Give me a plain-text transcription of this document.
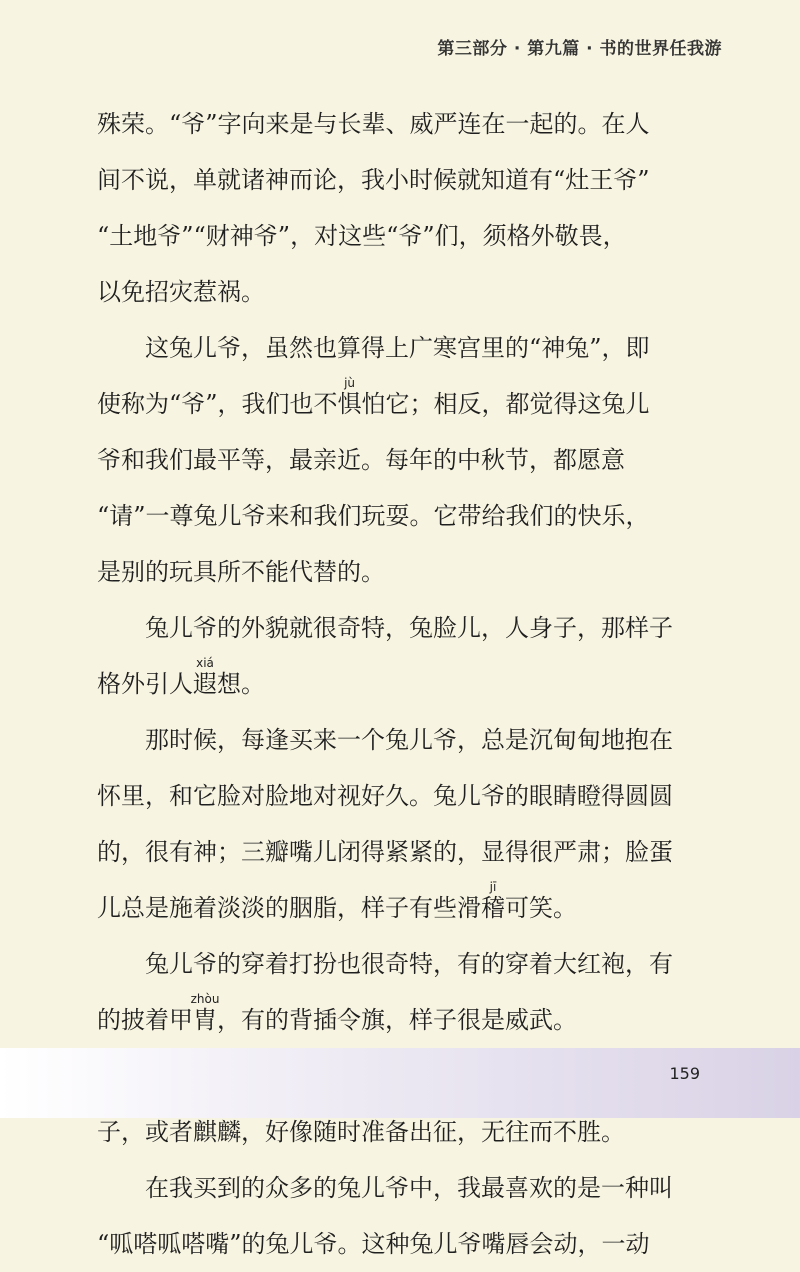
第三部分 · 第九篇 · 书的世界任我游

殊荣。“爷”字向来是与长辈、威严连在一起的。在人
间不说，单就诸神而论，我小时候就知道有“灶王爷”
“土地爷”“财神爷”，对这些“爷”们，须格外敬畏，
以免招灾惹祸。

这兔儿爷，虽然也算得上广寒宫里的“神兔”，即
使称为“爷”，我们也不惧jù怕它；相反，都觉得这兔儿
爷和我们最平等，最亲近。每年的中秋节，都愿意
“请”一尊兔儿爷来和我们玩耍。它带给我们的快乐，
是别的玩具所不能代替的。

兔儿爷的外貌就很奇特，兔脸儿，人身子，那样子
格外引人遐xiá想。

那时候，每逢买来一个兔儿爷，总是沉甸甸地抱在
怀里，和它脸对脸地对视好久。兔儿爷的眼睛瞪得圆圆
的，很有神；三瓣嘴儿闭得紧紧的，显得很严肃；脸蛋
儿总是施着淡淡的胭脂，样子有些滑稽jī可笑。

兔儿爷的穿着打扮也很奇特，有的穿着大红袍，有
的披着甲胄zhòu，有的背插令旗，样子很是威武。

子，或者麒麟，好像随时准备出征，无往而不胜。

在我买到的众多的兔儿爷中，我最喜欢的是一种叫
“呱嗒呱嗒嘴”的兔儿爷。这种兔儿爷嘴唇会动，一动

159
